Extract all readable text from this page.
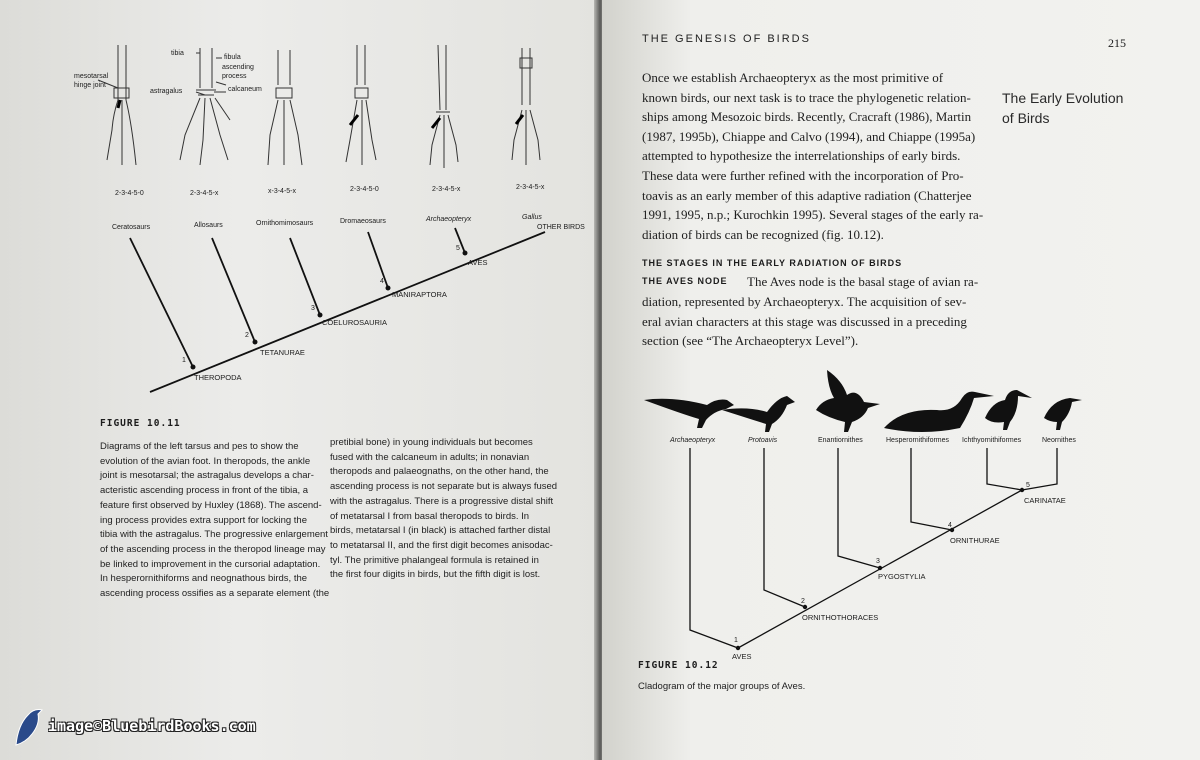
mesotarsal
hinge joint
tibia
fibula
ascending
process
astragalus	calcaneum
2-3-4-5-0	2-3-4-5-x	x-3-4-5-x	2-3-4-5-0	2-3-4-5-x	2-3-4-5-x
Ceratosaurs	Allosaurs	Ornithomimosaurs	Dromaeosaurs	Archaeopteryx	Gallus
OTHER BIRDS
1
THEROPODA
2
TETANURAE
3
COELUROSAURIA
4
MANIRAPTORA
5
AVES
FIGURE 10.11
Diagrams of the left tarsus and pes to show the
evolution of the avian foot. In theropods, the ankle
joint is mesotarsal; the astragalus develops a char-
acteristic ascending process in front of the tibia, a
feature first observed by Huxley (1868). The ascend-
ing process provides extra support for locking the
tibia with the astragalus. The progressive enlargement
of the ascending process in the theropod lineage may
be linked to improvement in the cursorial adaptation.
In hesperornithiforms and neognathous birds, the
ascending process ossifies as a separate element (the
pretibial bone) in young individuals but becomes
fused with the calcaneum in adults; in nonavian
theropods and palaeognaths, on the other hand, the
ascending process is not separate but is always fused
with the astragalus. There is a progressive distal shift
of metatarsal I from basal theropods to birds. In
birds, metatarsal I (in black) is attached farther distal
to metatarsal II, and the first digit becomes anisodac-
tyl. The primitive phalangeal formula is retained in
the first four digits in birds, but the fifth digit is lost.
THE GENESIS OF BIRDS	215
The Early Evolution
of Birds
Once we establish Archaeopteryx as the most primitive of
known birds, our next task is to trace the phylogenetic relation-
ships among Mesozoic birds. Recently, Cracraft (1986), Martin
(1987, 1995b), Chiappe and Calvo (1994), and Chiappe (1995a)
attempted to hypothesize the interrelationships of early birds.
These data were further refined with the incorporation of Pro-
toavis as an early member of this adaptive radiation (Chatterjee
1991, 1995, n.p.; Kurochkin 1995). Several stages of the early ra-
diation of birds can be recognized (fig. 10.12).
THE STAGES IN THE EARLY RADIATION OF BIRDS
THE AVES NODE The Aves node is the basal stage of avian ra-
diation, represented by Archaeopteryx. The acquisition of sev-
eral avian characters at this stage was discussed in a preceding
section (see “The Archaeopteryx Level”).
Archaeopteryx	Protoavis	Enantiornithes	Hesperornithiformes Ichthyornithiformes	Neornithes
1
AVES
2
ORNITHOTHORACES
3
PYGOSTYLIA
4
ORNITHURAE
5
CARINATAE
FIGURE 10.12
Cladogram of the major groups of Aves.
image©BluebirdBooks.com
